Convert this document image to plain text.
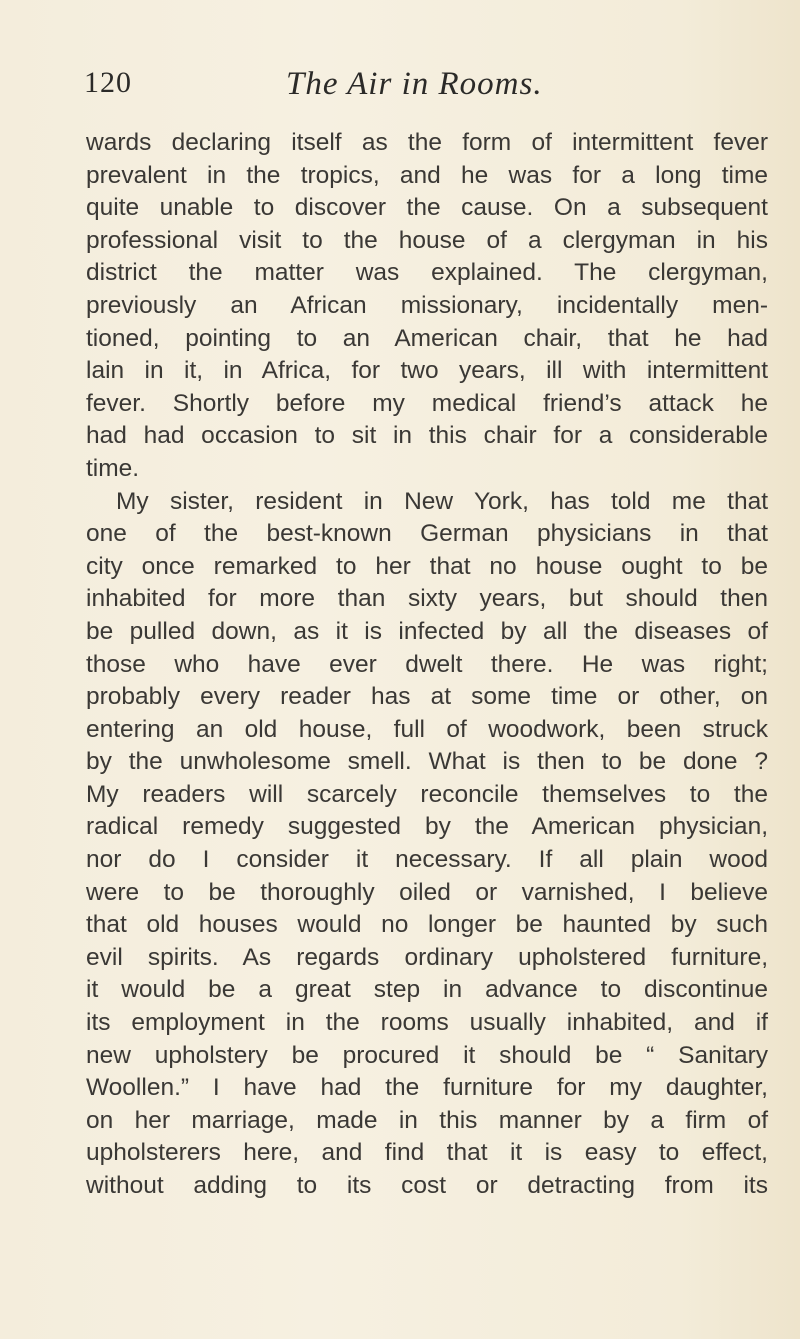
120	The Air in Rooms.
wards declaring itself as the form of intermittent fever
prevalent in the tropics, and he was for a long time
quite unable to discover the cause. On a subsequent
professional visit to the house of a clergyman in his
district the matter was explained. The clergyman,
previously an African missionary, incidentally men-
tioned, pointing to an American chair, that he had
lain in it, in Africa, for two years, ill with intermittent
fever. Shortly before my medical friend’s attack he
had had occasion to sit in this chair for a considerable
time.
My sister, resident in New York, has told me that
one of the best-known German physicians in that
city once remarked to her that no house ought to be
inhabited for more than sixty years, but should then
be pulled down, as it is infected by all the diseases of
those who have ever dwelt there. He was right;
probably every reader has at some time or other, on
entering an old house, full of woodwork, been struck
by the unwholesome smell. What is then to be done ?
My readers will scarcely reconcile themselves to the
radical remedy suggested by the American physician,
nor do I consider it necessary. If all plain wood
were to be thoroughly oiled or varnished, I believe
that old houses would no longer be haunted by such
evil spirits. As regards ordinary upholstered furniture,
it would be a great step in advance to discontinue
its employment in the rooms usually inhabited, and if
new upholstery be procured it should be “ Sanitary
Woollen.” I have had the furniture for my daughter,
on her marriage, made in this manner by a firm of
upholsterers here, and find that it is easy to effect,
without adding to its cost or detracting from its
